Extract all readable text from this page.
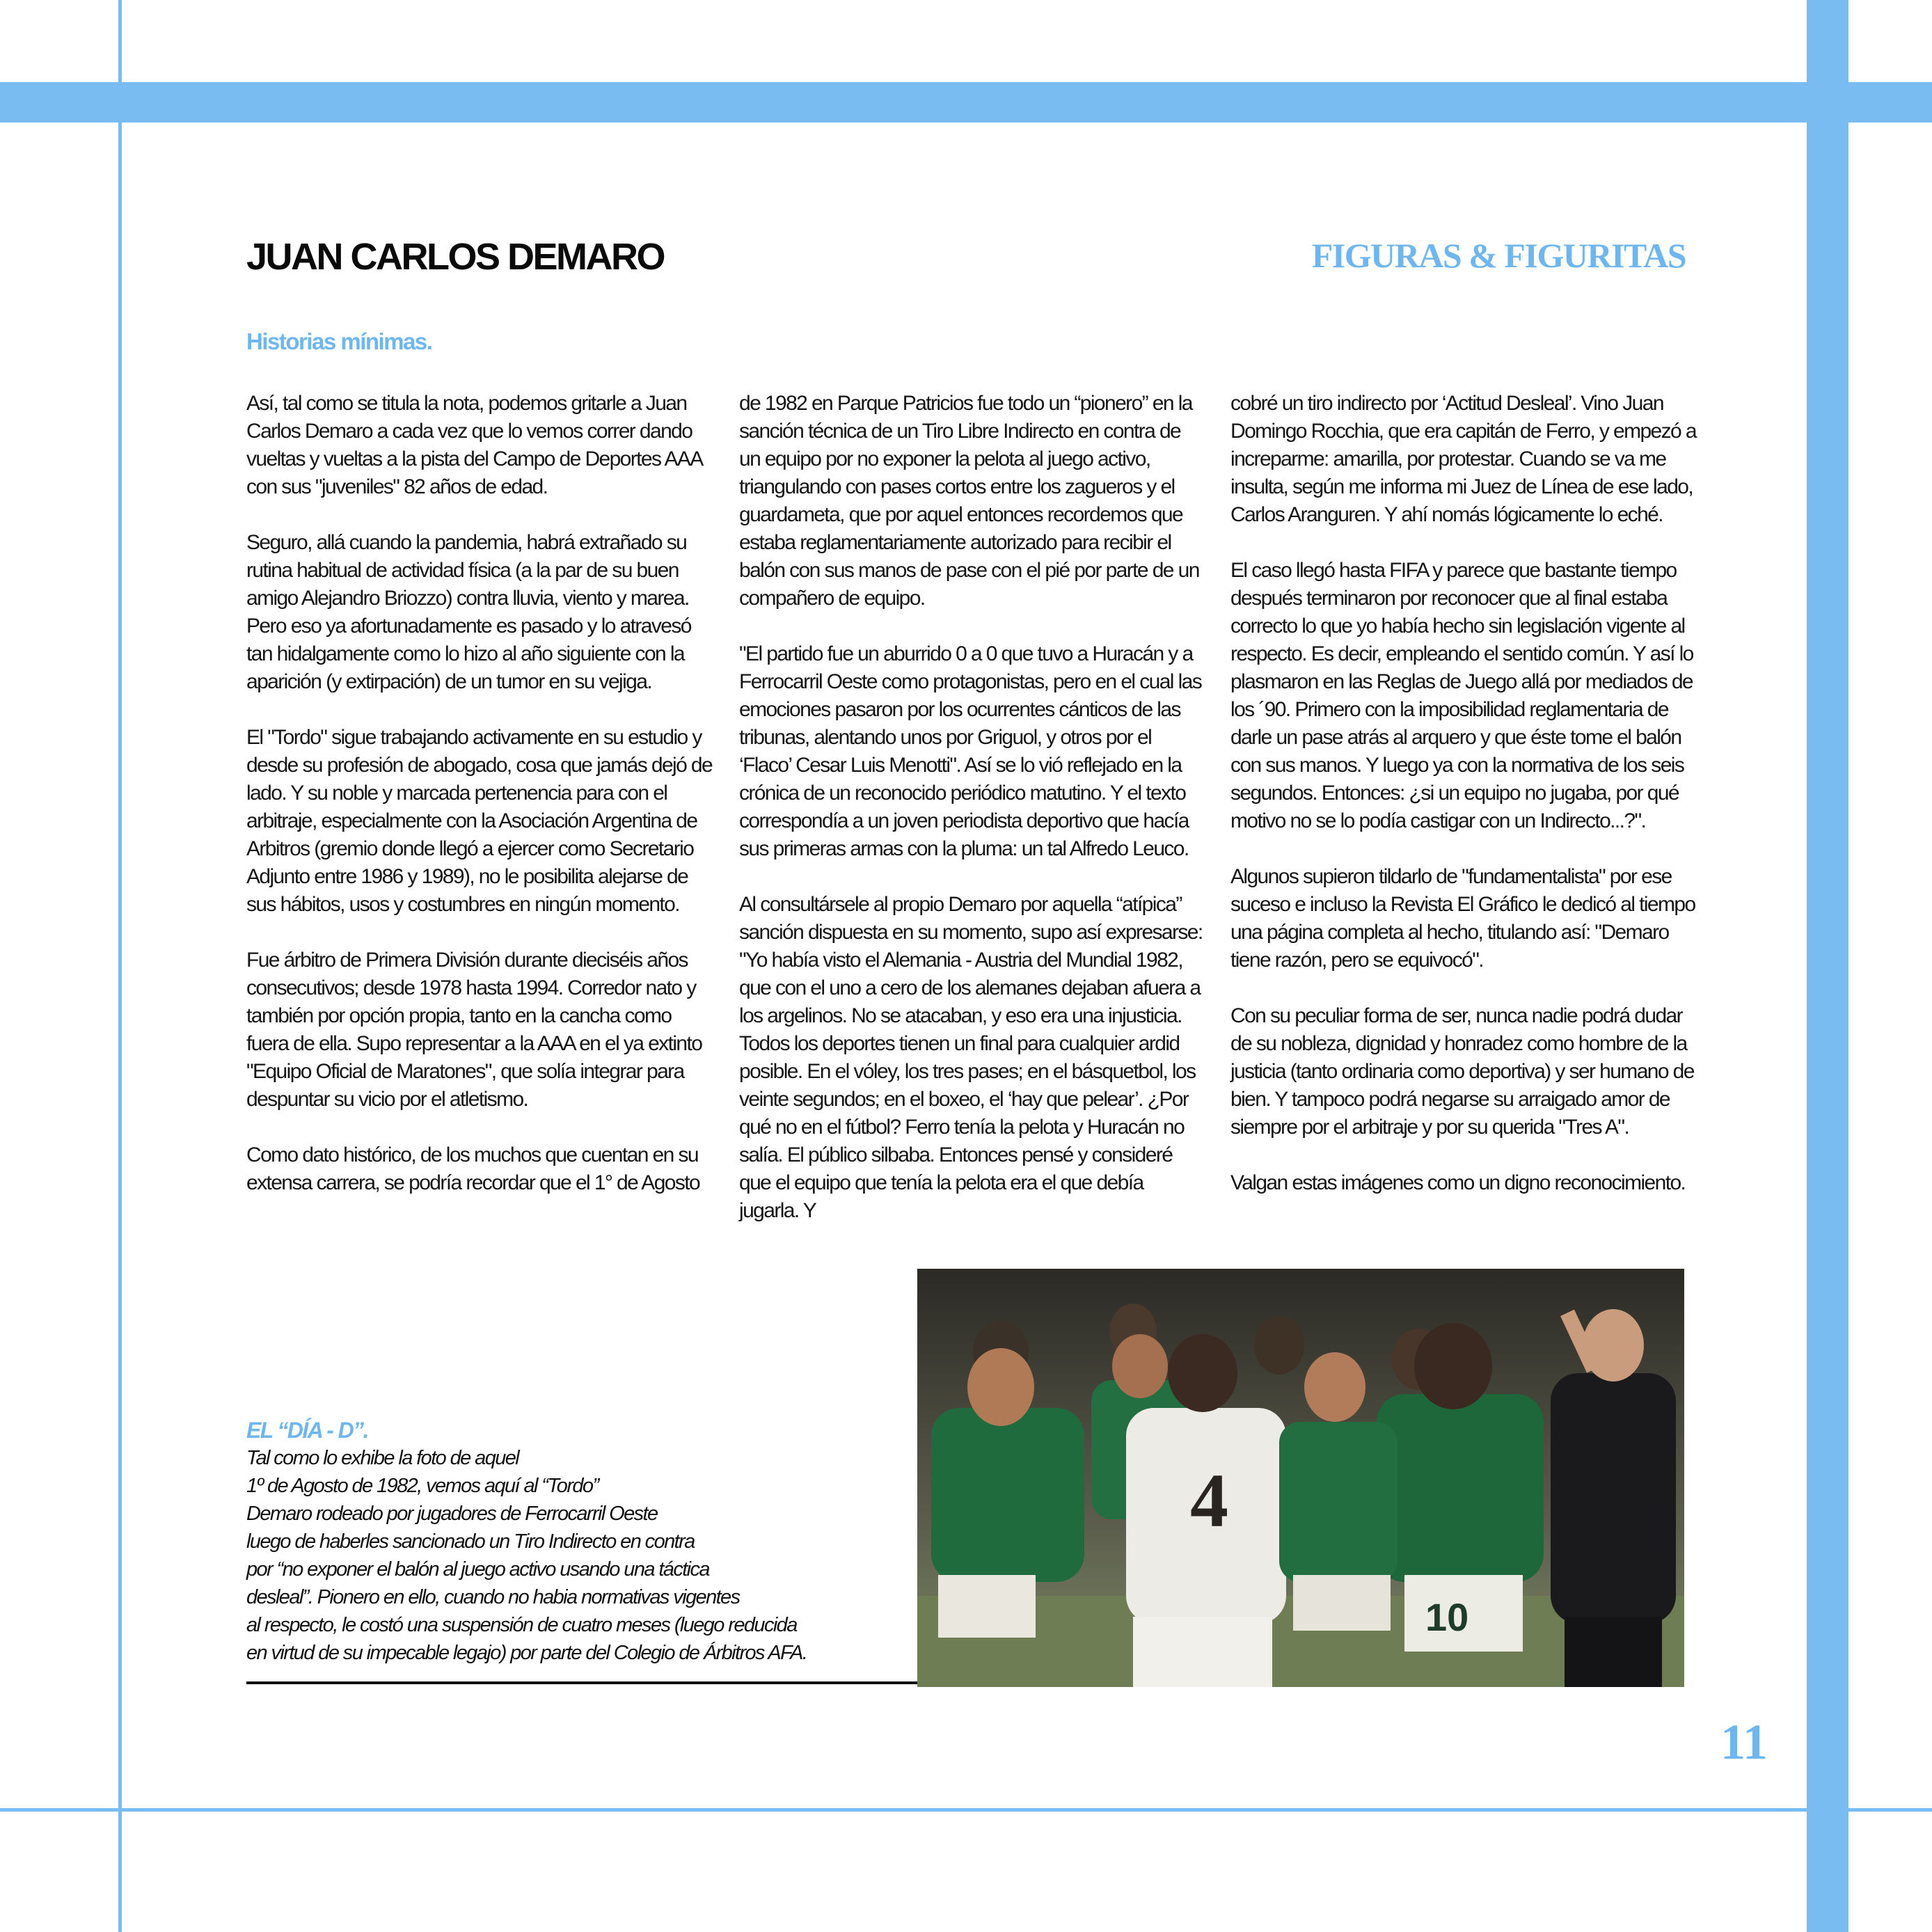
JUAN CARLOS DEMARO	FIGURAS & FIGURITAS
Historias mínimas.

Así, tal como se titula la nota, podemos gritarle a Juan Carlos Demaro a cada vez que lo vemos correr dando vueltas y vueltas a la pista del Campo de Deportes AAA con sus "juveniles" 82 años de edad.

Seguro, allá cuando la pandemia, habrá extrañado su rutina habitual de actividad física (a la par de su buen amigo Alejandro Briozzo) contra lluvia, viento y marea. Pero eso ya afortunadamente es pasado y lo atravesó tan hidalgamente como lo hizo al año siguiente con la aparición (y extirpación) de un tumor en su vejiga.

El "Tordo" sigue trabajando activamente en su estudio y desde su profesión de abogado, cosa que jamás dejó de lado. Y su noble y marcada pertenencia para con el arbitraje, especialmente con la Asociación Argentina de Arbitros (gremio donde llegó a ejercer como Secretario Adjunto entre 1986 y 1989), no le posibilita alejarse de sus hábitos, usos y costumbres en ningún momento.

Fue árbitro de Primera División durante dieciséis años consecutivos; desde 1978 hasta 1994. Corredor nato y también por opción propia, tanto en la cancha como fuera de ella. Supo representar a la AAA en el ya extinto "Equipo Oficial de Maratones", que solía integrar para despuntar su vicio por el atletismo.

Como dato histórico, de los muchos que cuentan en su extensa carrera, se podría recordar que el 1° de Agosto

de 1982 en Parque Patricios fue todo un “pionero” en la sanción técnica de un Tiro Libre Indirecto en contra de un equipo por no exponer la pelota al juego activo, triangulando con pases cortos entre los zagueros y el guardameta, que por aquel entonces recordemos que estaba reglamentariamente autorizado para recibir el balón con sus manos de pase con el pié por parte de un compañero de equipo.

"El partido fue un aburrido 0 a 0 que tuvo a Huracán y a Ferrocarril Oeste como protagonistas, pero en el cual las emociones pasaron por los ocurrentes cánticos de las tribunas, alentando unos por Griguol, y otros por el ‘Flaco’ Cesar Luis Menotti". Así se lo vió reflejado en la crónica de un reconocido periódico matutino. Y el texto correspondía a un joven periodista deportivo que hacía sus primeras armas con la pluma: un tal Alfredo Leuco.

Al consultársele al propio Demaro por aquella “atípica” sanción dispuesta en su momento, supo así expresarse: "Yo había visto el Alemania - Austria del Mundial 1982, que con el uno a cero de los alemanes dejaban afuera a los argelinos. No se atacaban, y eso era una injusticia. Todos los deportes tienen un final para cualquier ardid posible. En el vóley, los tres pases; en el básquetbol, los veinte segundos; en el boxeo, el ‘hay que pelear’. ¿Por qué no en el fútbol? Ferro tenía la pelota y Huracán no salía. El público silbaba. Entonces pensé y consideré que el equipo que tenía la pelota era el que debía jugarla. Y

cobré un tiro indirecto por ‘Actitud Desleal’. Vino Juan Domingo Rocchia, que era capitán de Ferro, y empezó a increparme: amarilla, por protestar. Cuando se va me insulta, según me informa mi Juez de Línea de ese lado, Carlos Aranguren. Y ahí nomás lógicamente lo eché.

El caso llegó hasta FIFA y parece que bastante tiempo después terminaron por reconocer que al final estaba correcto lo que yo había hecho sin legislación vigente al respecto. Es decir, empleando el sentido común. Y así lo plasmaron en las Reglas de Juego allá por mediados de los ´90. Primero con la imposibilidad reglamentaria de darle un pase atrás al arquero y que éste tome el balón con sus manos. Y luego ya con la normativa de los seis segundos. Entonces: ¿si un equipo no jugaba, por qué motivo no se lo podía castigar con un Indirecto...?".

Algunos supieron tildarlo de "fundamentalista" por ese suceso e incluso la Revista El Gráfico le dedicó al tiempo una página completa al hecho, titulando así: "Demaro tiene razón, pero se equivocó".

Con su peculiar forma de ser, nunca nadie podrá dudar de su nobleza, dignidad y honradez como hombre de la justicia (tanto ordinaria como deportiva) y ser humano de bien. Y tampoco podrá negarse su arraigado amor de siempre por el arbitraje y por su querida "Tres A".

Valgan estas imágenes como un digno reconocimiento.

EL “DÍA - D”.
Tal como lo exhibe la foto de aquel
1º de Agosto de 1982, vemos aquí al “Tordo”
Demaro rodeado por jugadores de Ferrocarril Oeste
luego de haberles sancionado un Tiro Indirecto en contra
por “no exponer el balón al juego activo usando una táctica
desleal”. Pionero en ello, cuando no habia normativas vigentes
al respecto, le costó una suspensión de cuatro meses (luego reducida
en virtud de su impecable legajo) por parte del Colegio de Árbitros AFA.
4
10
11
